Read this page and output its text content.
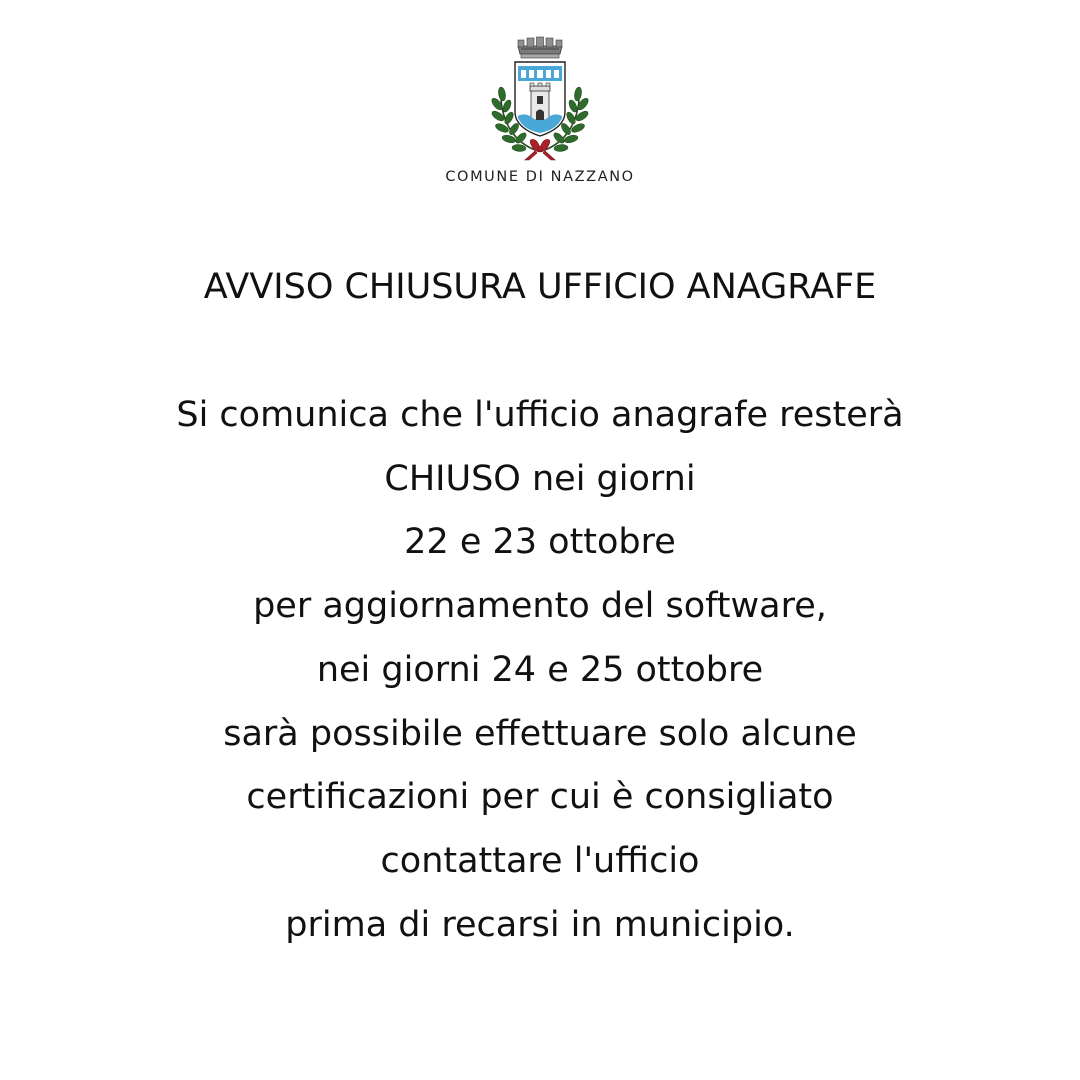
COMUNE DI NAZZANO
AVVISO CHIUSURA UFFICIO ANAGRAFE
Si comunica che l'ufficio anagrafe resterà
CHIUSO nei giorni
22 e 23 ottobre
per aggiornamento del software,
nei giorni 24 e 25 ottobre
sarà possibile effettuare solo alcune
certificazioni per cui è consigliato
contattare l'ufficio
prima di recarsi in municipio.
